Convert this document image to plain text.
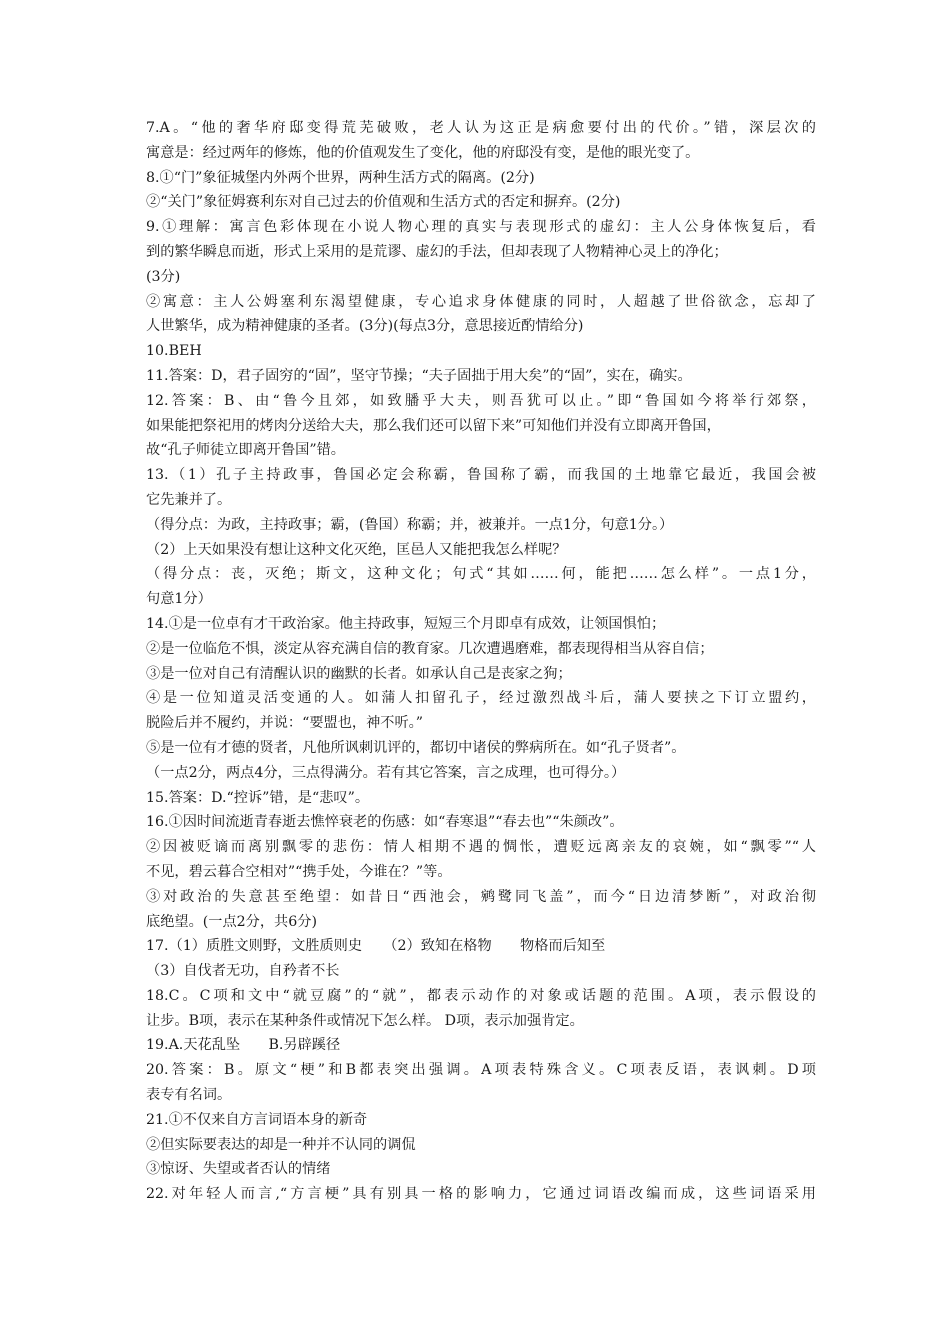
7.A。“他的奢华府邸变得荒芜破败，老人认为这正是病愈要付出的代价。”错，深层次的
寓意是：经过两年的修炼，他的价值观发生了变化，他的府邸没有变，是他的眼光变了。
8.①“门”象征城堡内外两个世界，两种生活方式的隔离。(2分)
②“关门”象征姆赛利东对自己过去的价值观和生活方式的否定和摒弃。(2分)
9.①理解：寓言色彩体现在小说人物心理的真实与表现形式的虚幻：主人公身体恢复后，看
到的繁华瞬息而逝，形式上采用的是荒谬、虚幻的手法，但却表现了人物精神心灵上的净化；
(3分)
②寓意：主人公姆塞利东渴望健康，专心追求身体健康的同时，人超越了世俗欲念，忘却了
人世繁华，成为精神健康的圣者。(3分)(每点3分，意思接近酌情给分)
10.BEH
11.答案：D，君子固穷的“固”，坚守节操；“夫子固拙于用大矣”的“固”，实在，确实。
12.答案：B、由“鲁今且郊，如致膰乎大夫，则吾犹可以止。”即“鲁国如今将举行郊祭，
如果能把祭祀用的烤肉分送给大夫，那么我们还可以留下来”可知他们并没有立即离开鲁国，
故“孔子师徒立即离开鲁国”错。
13.（1）孔子主持政事，鲁国必定会称霸，鲁国称了霸，而我国的土地靠它最近，我国会被
它先兼并了。
（得分点：为政，主持政事；霸，(鲁国）称霸；并，被兼并。一点1分，句意1分。）
（2）上天如果没有想让这种文化灭绝，匡邑人又能把我怎么样呢？
（得分点：丧，灭绝；斯文，这种文化；句式“其如……何，能把……怎么样”。一点1分，
句意1分）
14.①是一位卓有才干政治家。他主持政事，短短三个月即卓有成效，让领国惧怕；
②是一位临危不惧，淡定从容充满自信的教育家。几次遭遇磨难，都表现得相当从容自信；
③是一位对自己有清醒认识的幽默的长者。如承认自己是丧家之狗；
④是一位知道灵活变通的人。如蒲人扣留孔子，经过激烈战斗后，蒲人要挟之下订立盟约，
脱险后并不履约，并说：“要盟也，神不听。”
⑤是一位有才德的贤者，凡他所讽刺讥评的，都切中诸侯的弊病所在。如“孔子贤者”。
（一点2分，两点4分，三点得满分。若有其它答案，言之成理，也可得分。）
15.答案：D.“控诉”错，是“悲叹”。
16.①因时间流逝青春逝去憔悴衰老的伤感：如“春寒退”“春去也”“朱颜改”。
②因被贬谪而离别飘零的悲伤：情人相期不遇的惆怅，遭贬远离亲友的哀婉，如“飘零”“人
不见，碧云暮合空相对”“携手处，今谁在？”等。
③对政治的失意甚至绝望：如昔日“西池会，鹓鹭同飞盖”，而今“日边清梦断”，对政治彻
底绝望。(一点2分，共6分)
17.（1）质胜文则野，文胜质则史　　（2）致知在格物　　物格而后知至
（3）自伐者无功，自矜者不长
18.C。C项和文中“就豆腐”的“就”，都表示动作的对象或话题的范围。A项，表示假设的
让步。B项，表示在某种条件或情况下怎么样。 D项，表示加强肯定。
19.A.天花乱坠　　B.另辟蹊径
20.答案：B。原文“梗”和B都表突出强调。A项表特殊含义。C项表反语，表讽刺。D项
表专有名词。
21.①不仅来自方言词语本身的新奇
②但实际要表达的却是一种并不认同的调侃
③惊讶、失望或者否认的情绪
22.对年轻人而言,“方言梗”具有别具一格的影响力，它通过词语改编而成，这些词语采用
